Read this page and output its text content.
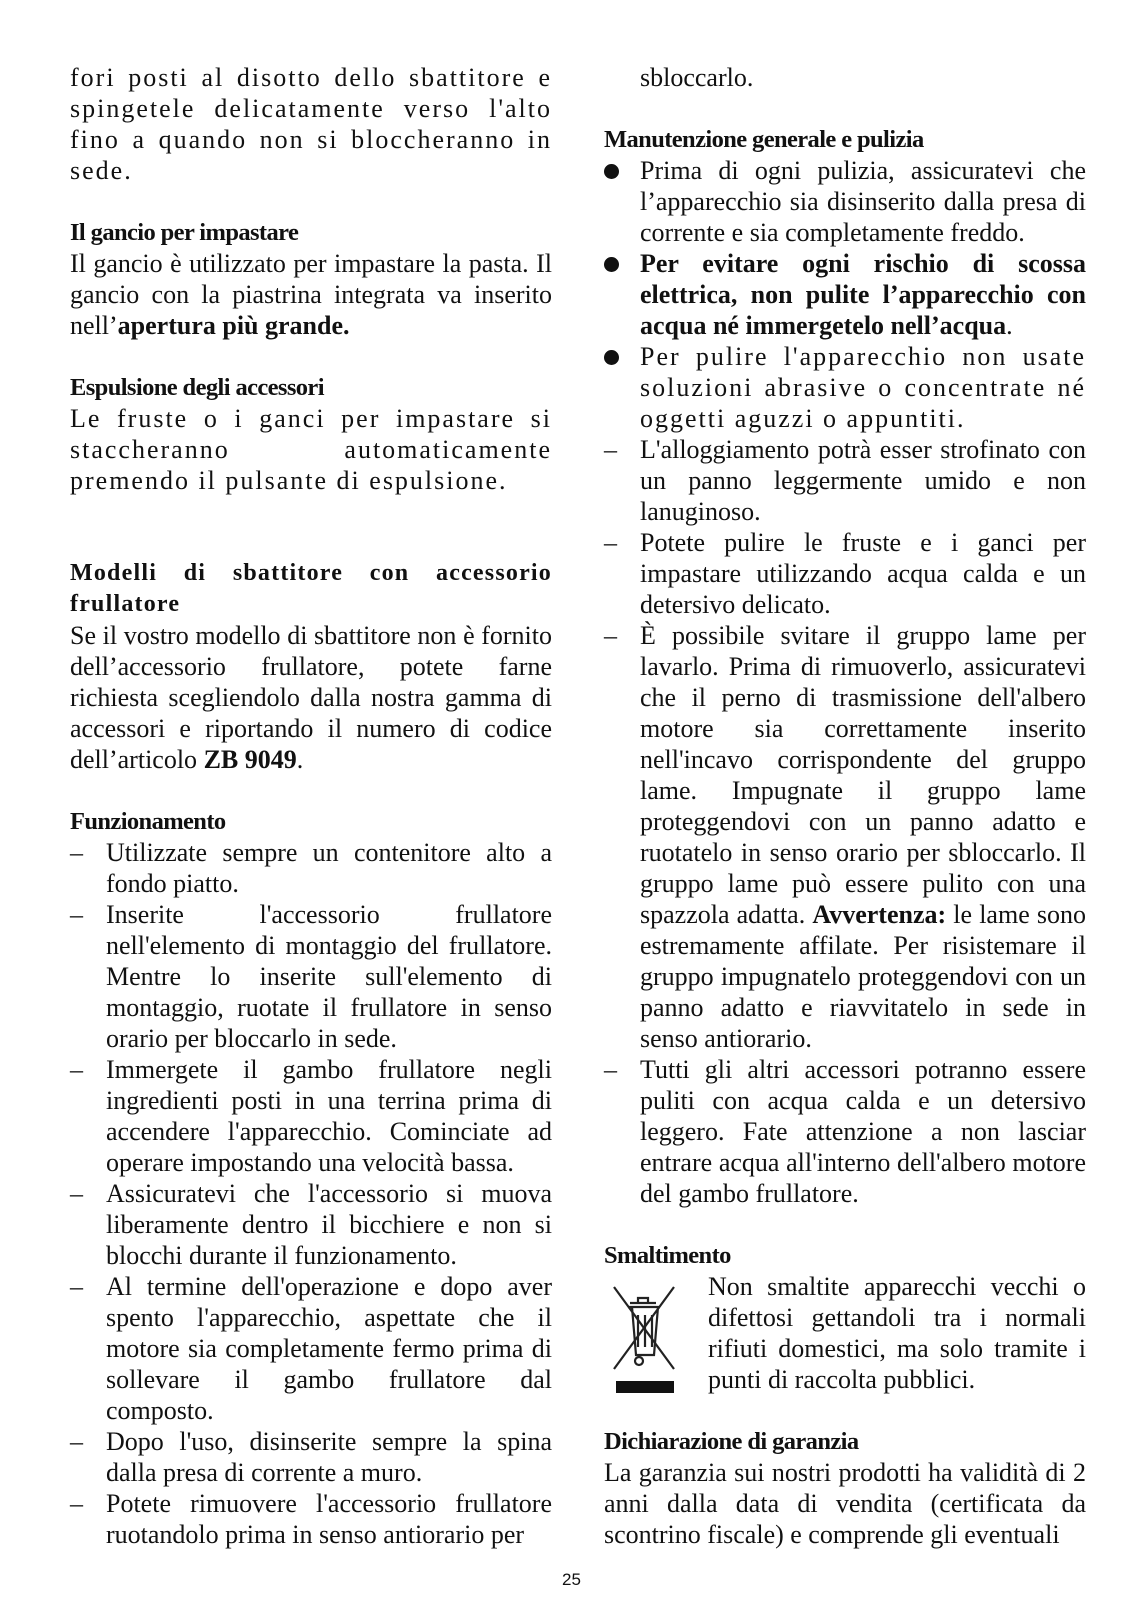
fori posti al disotto dello sbattitore e spingetele delicatamente verso l'alto fino a quando non si bloccheranno in sede.

Il gancio per impastare

Il gancio è utilizzato per impastare la pasta. Il gancio con la piastrina integrata va inserito nell’apertura più grande.

Espulsione degli accessori

Le fruste o i ganci per impastare si staccheranno automaticamente premendo il pulsante di espulsione.

Modelli di sbattitore con accessorio frullatore

Se il vostro modello di sbattitore non è fornito dell’accessorio frullatore, potete farne richiesta scegliendolo dalla nostra gamma di accessori e riportando il numero di codice dell’articolo ZB 9049.

Funzionamento
– Utilizzate sempre un contenitore alto a fondo piatto.
– Inserite l'accessorio frullatore nell'elemento di montaggio del frullatore. Mentre lo inserite sull'elemento di montaggio, ruotate il frullatore in senso orario per bloccarlo in sede.
– Immergete il gambo frullatore negli ingredienti posti in una terrina prima di accendere l'apparecchio. Cominciate ad operare impostando una velocità bassa.
– Assicuratevi che l'accessorio si muova liberamente dentro il bicchiere e non si blocchi durante il funzionamento.
– Al termine dell'operazione e dopo aver spento l'apparecchio, aspettate che il motore sia completamente fermo prima di sollevare il gambo frullatore dal composto.
– Dopo l'uso, disinserite sempre la spina dalla presa di corrente a muro.
– Potete rimuovere l'accessorio frullatore ruotandolo prima in senso antiorario per

sbloccarlo.

Manutenzione generale e pulizia
Prima di ogni pulizia, assicuratevi che l’apparecchio sia disinserito dalla presa di corrente e sia completamente freddo.
Per evitare ogni rischio di scossa elettrica, non pulite l’apparecchio con acqua né immergetelo nell’acqua.
Per pulire l'apparecchio non usate soluzioni abrasive o concentrate né oggetti aguzzi o appuntiti.
– L'alloggiamento potrà esser strofinato con un panno leggermente umido e non lanuginoso.
– Potete pulire le fruste e i ganci per impastare utilizzando acqua calda e un detersivo delicato.
– È possibile svitare il gruppo lame per lavarlo. Prima di rimuoverlo, assicuratevi che il perno di trasmissione dell'albero motore sia correttamente inserito nell'incavo corrispondente del gruppo lame. Impugnate il gruppo lame proteggendovi con un panno adatto e ruotatelo in senso orario per sbloccarlo. Il gruppo lame può essere pulito con una spazzola adatta. Avvertenza: le lame sono estremamente affilate. Per risistemare il gruppo impugnatelo proteggendovi con un panno adatto e riavvitatelo in sede in senso antiorario.
– Tutti gli altri accessori potranno essere puliti con acqua calda e un detersivo leggero. Fate attenzione a non lasciar entrare acqua all'interno dell'albero motore del gambo frullatore.
Smaltimento

Non smaltite apparecchi vecchi o difettosi gettandoli tra i normali rifiuti domestici, ma solo tramite i punti di raccolta pubblici.

Dichiarazione di garanzia

La garanzia sui nostri prodotti ha validità di 2 anni dalla data di vendita (certificata da scontrino fiscale) e comprende gli eventuali

25
